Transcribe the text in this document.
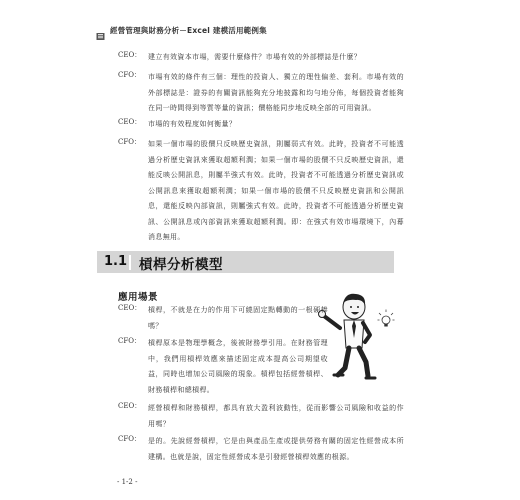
經營管理與財務分析－Excel 建模活用範例集
CEO： 建立有效資本市場，需要什麼條件？市場有效的外部標誌是什麼？
CFO： 市場有效的條件有三個：理性的投資人、獨立的理性偏差、套利。市場有效的外部標誌是：證券的有關資訊能夠充分地披露和均勻地分佈，每個投資者能夠在同一時間得到等質等量的資訊；價格能同步地反映全部的可用資訊。
CEO： 市場的有效程度如何衡量？
CFO： 如果一個市場的股價只反映歷史資訊，則屬弱式有效。此時，投資者不可能透過分析歷史資訊來獲取超額利潤；如果一個市場的股價不只反映歷史資訊，還能反映公開訊息，則屬半強式有效。此時，投資者不可能透過分析歷史資訊或公開訊息來獲取超額利潤；如果一個市場的股價不只反映歷史資訊和公開訊息，還能反映內部資訊，則屬強式有效。此時，投資者不可能透過分析歷史資訊、公開訊息或內部資訊來獲取超額利潤。即：在強式有效市場環境下，內幕消息無用。
1.1 槓桿分析模型
應用場景
CEO： 槓桿，不就是在力的作用下可繞固定點轉動的一根硬棒嗎？
CFO： 槓桿原本是物理學概念，後被財務學引用。在財務管理中，我們用槓桿效應來描述固定成本提高公司期望收益，同時也增加公司風險的現象。槓桿包括經營槓桿、財務槓桿和總槓桿。
CEO： 經營槓桿和財務槓桿，都具有放大盈利波動性，從而影響公司風險和收益的作用嗎？
CFO： 是的。先說經營槓桿，它是由與產品生產或提供勞務有關的固定性經營成本所建構。也就是說，固定性經營成本是引發經營槓桿效應的根源。
- 1-2 -
